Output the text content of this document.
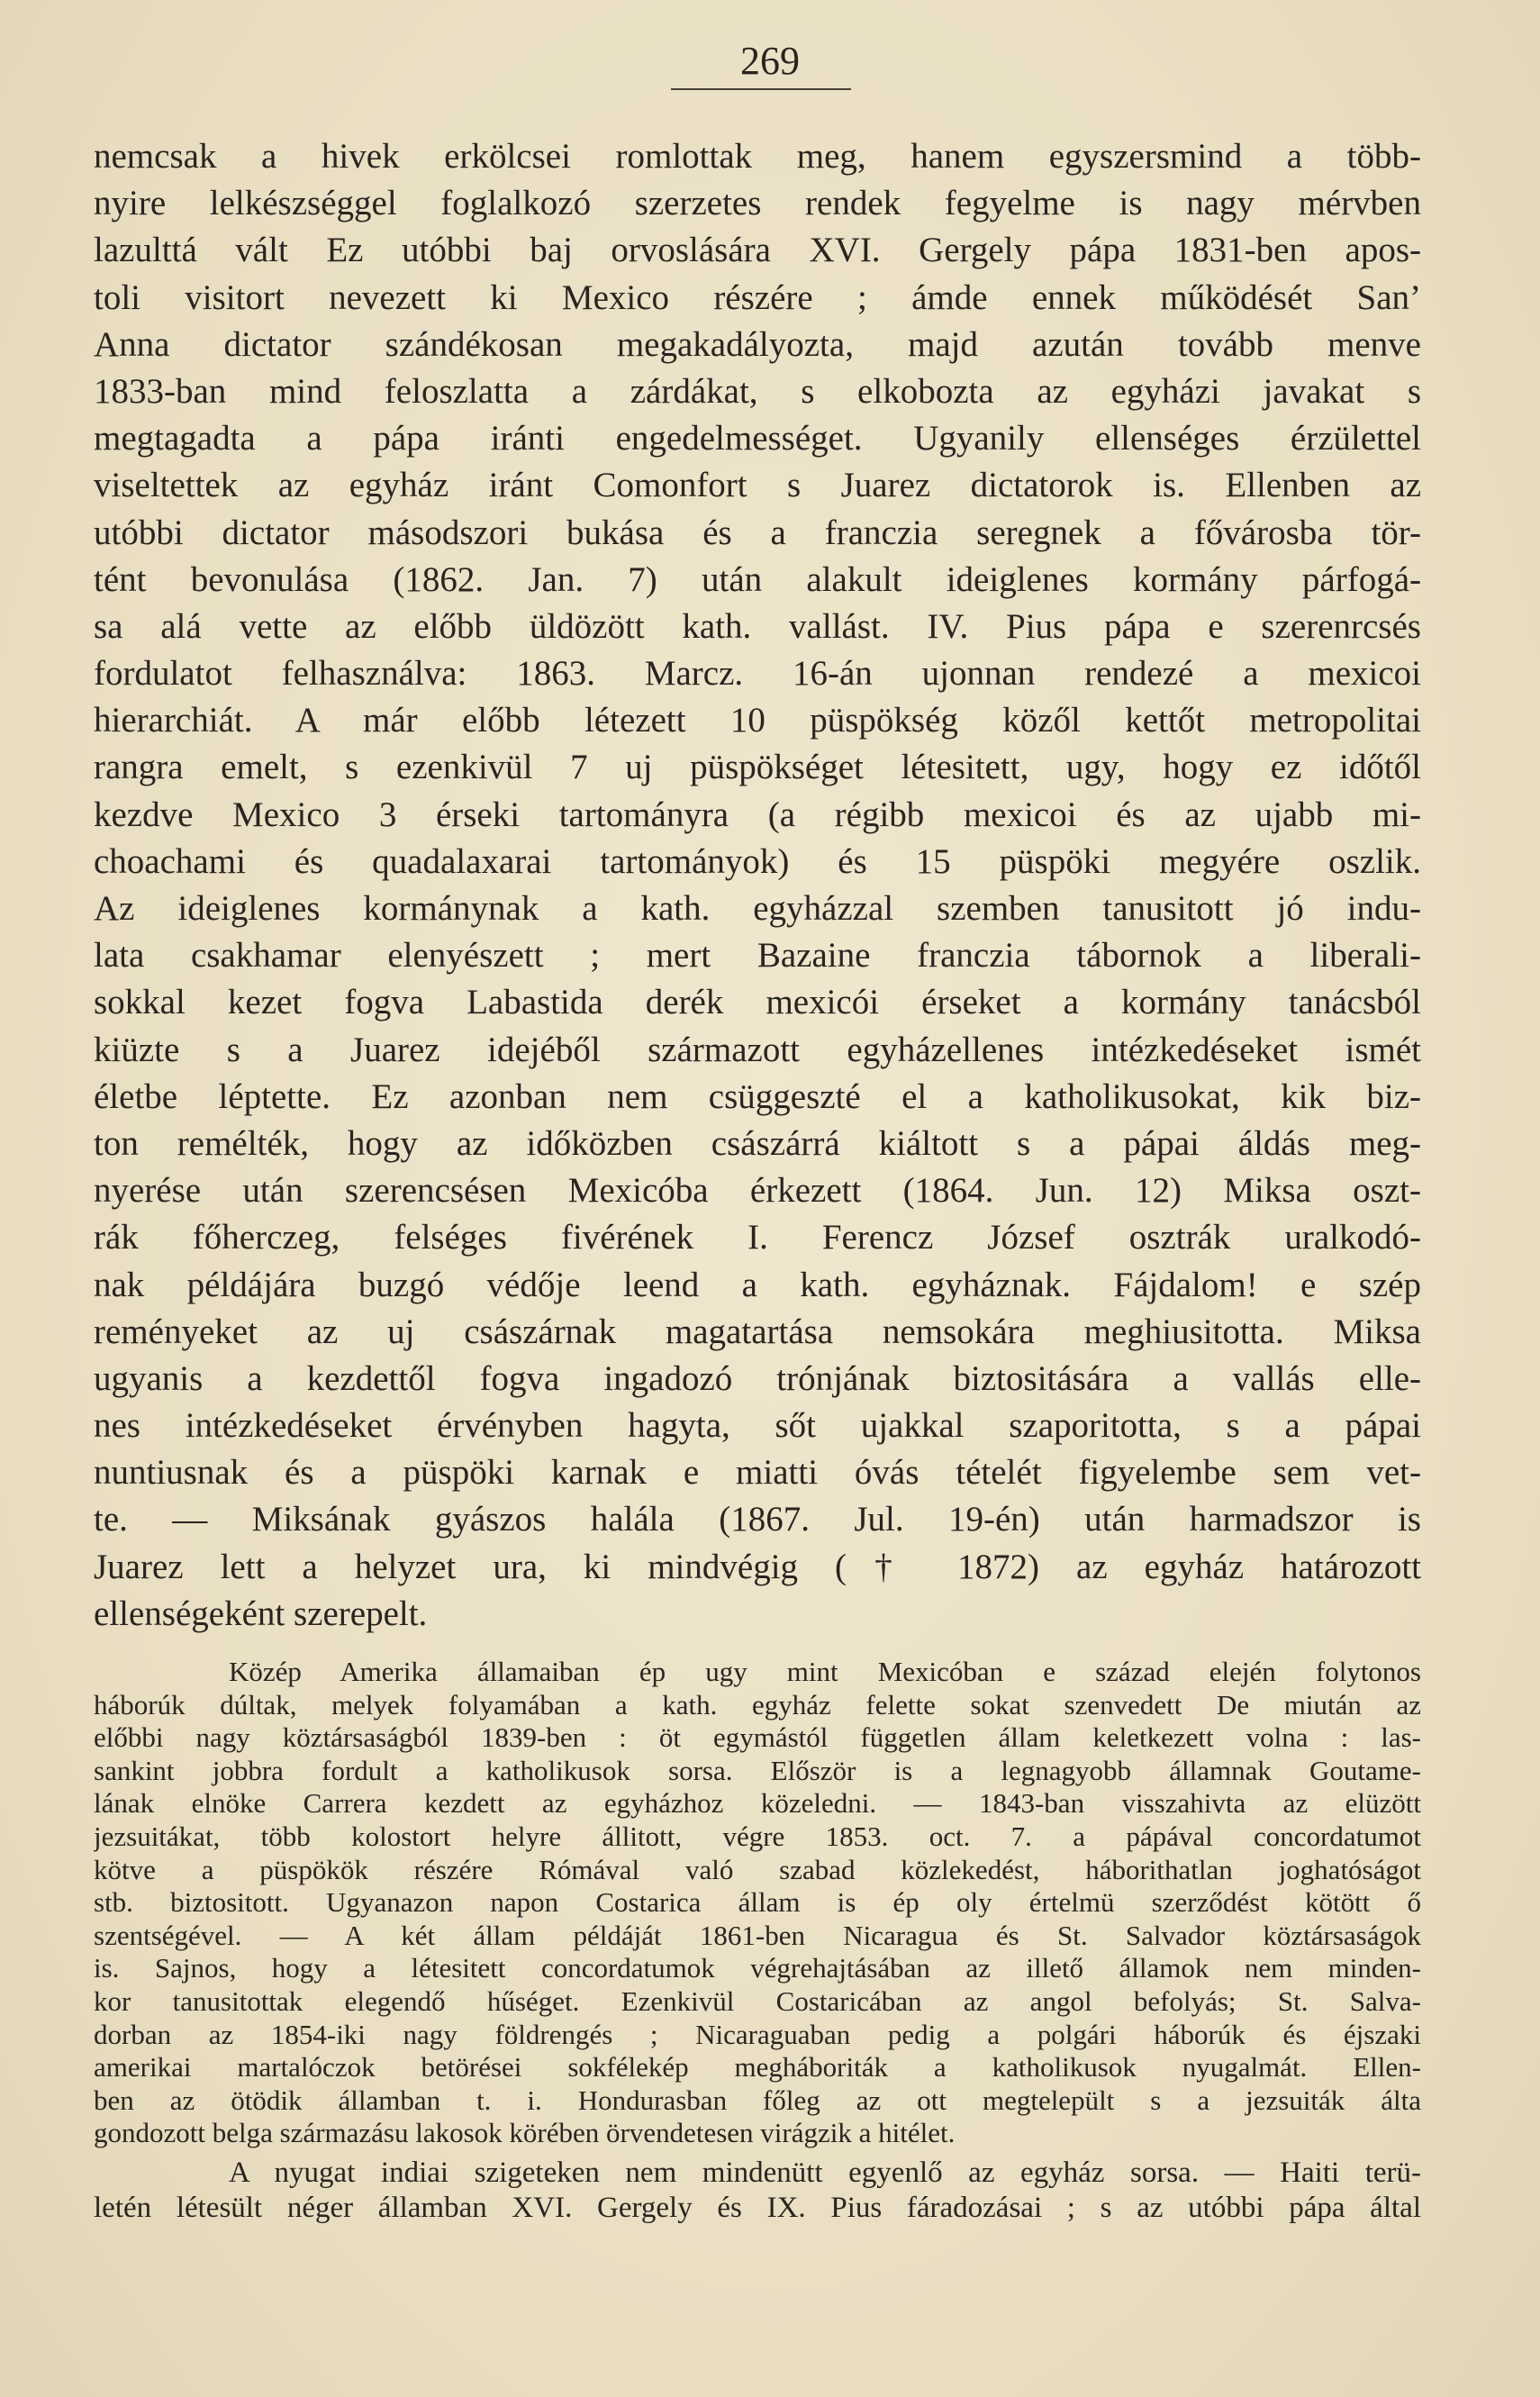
269
nemcsak a hivek erkölcsei romlottak meg, hanem egyszersmind a több-
nyire lelkészséggel foglalkozó szerzetes rendek fegyelme is nagy mérvben
lazulttá vált Ez utóbbi baj orvoslására XVI. Gergely pápa 1831-ben apos-
toli visitort nevezett ki Mexico részére ; ámde ennek működését San’
Anna dictator szándékosan megakadályozta, majd azután tovább menve
1833-ban mind feloszlatta a zárdákat, s elkobozta az egyházi javakat s
megtagadta a pápa iránti engedelmességet. Ugyanily ellenséges érzülettel
viseltettek az egyház iránt Comonfort s Juarez dictatorok is. Ellenben az
utóbbi dictator másodszori bukása és a franczia seregnek a fővárosba tör-
tént bevonulása (1862. Jan. 7) után alakult ideiglenes kormány párfogá-
sa alá vette az előbb üldözött kath. vallást. IV. Pius pápa e szerenrcsés
fordulatot felhasználva: 1863. Marcz. 16-án ujonnan rendezé a mexicoi
hierarchiát. A már előbb létezett 10 püspökség közől kettőt metropolitai
rangra emelt, s ezenkivül 7 uj püspökséget létesitett, ugy, hogy ez időtől
kezdve Mexico 3 érseki tartományra (a régibb mexicoi és az ujabb mi-
choachami és quadalaxarai tartományok) és 15 püspöki megyére oszlik.
Az ideiglenes kormánynak a kath. egyházzal szemben tanusitott jó indu-
lata csakhamar elenyészett ; mert Bazaine franczia tábornok a liberali-
sokkal kezet fogva Labastida derék mexicói érseket a kormány tanácsból
kiüzte s a Juarez idejéből származott egyházellenes intézkedéseket ismét
életbe léptette. Ez azonban nem csüggeszté el a katholikusokat, kik biz-
ton remélték, hogy az időközben császárrá kiáltott s a pápai áldás meg-
nyerése után szerencsésen Mexicóba érkezett (1864. Jun. 12) Miksa oszt-
rák főherczeg, felséges fivérének I. Ferencz József osztrák uralkodó-
nak példájára buzgó védője leend a kath. egyháznak. Fájdalom! e szép
reményeket az uj császárnak magatartása nemsokára meghiusitotta. Miksa
ugyanis a kezdettől fogva ingadozó trónjának biztositására a vallás elle-
nes intézkedéseket érvényben hagyta, sőt ujakkal szaporitotta, s a pápai
nuntiusnak és a püspöki karnak e miatti óvás tételét figyelembe sem vet-
te. — Miksának gyászos halála (1867. Jul. 19-én) után harmadszor is
Juarez lett a helyzet ura, ki mindvégig († 1872) az egyház határozott
ellenségeként szerepelt.
Közép Amerika államaiban ép ugy mint Mexicóban e század elején folytonos
háborúk dúltak, melyek folyamában a kath. egyház felette sokat szenvedett De miután az
előbbi nagy köztársaságból 1839-ben : öt egymástól független állam keletkezett volna : las-
sankint jobbra fordult a katholikusok sorsa. Először is a legnagyobb államnak Goutame-
lának elnöke Carrera kezdett az egyházhoz közeledni. — 1843-ban visszahivta az elüzött
jezsuitákat, több kolostort helyre állitott, végre 1853. oct. 7. a pápával concordatumot
kötve a püspökök részére Rómával való szabad közlekedést, háborithatlan joghatóságot
stb. biztositott. Ugyanazon napon Costarica állam is ép oly értelmü szerződést kötött ő
szentségével. — A két állam példáját 1861-ben Nicaragua és St. Salvador köztársaságok
is. Sajnos, hogy a létesitett concordatumok végrehajtásában az illető államok nem minden-
kor tanusitottak elegendő hűséget. Ezenkivül Costaricában az angol befolyás; St. Salva-
dorban az 1854-iki nagy földrengés ; Nicaraguaban pedig a polgári háborúk és éjszaki
amerikai martalóczok betörései sokfélekép megháboriták a katholikusok nyugalmát. Ellen-
ben az ötödik államban t. i. Hondurasban főleg az ott megtelepült s a jezsuiták álta
gondozott belga származásu lakosok körében örvendetesen virágzik a hitélet.
A nyugat indiai szigeteken nem mindenütt egyenlő az egyház sorsa. — Haiti terü-
letén létesült néger államban XVI. Gergely és IX. Pius fáradozásai ; s az utóbbi pápa által
